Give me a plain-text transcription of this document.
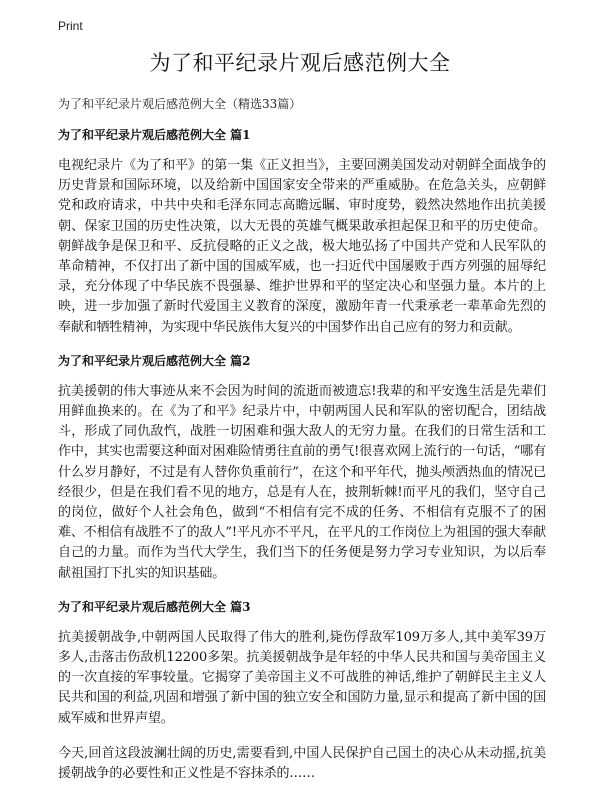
Print
为了和平纪录片观后感范例大全

为了和平纪录片观后感范例大全（精选33篇）

为了和平纪录片观后感范例大全 篇1

电视纪录片《为了和平》的第一集《正义担当》，主要回溯美国发动对朝鲜全面战争的历史背景和国际环境，以及给新中国国家安全带来的严重威胁。在危急关头，应朝鲜党和政府请求，中共中央和毛泽东同志高瞻远瞩、审时度势，毅然决然地作出抗美援朝、保家卫国的历史性决策，以大无畏的英雄气概果敢承担起保卫和平的历史使命。朝鲜战争是保卫和平、反抗侵略的正义之战，极大地弘扬了中国共产党和人民军队的革命精神，不仅打出了新中国的国威军威，也一扫近代中国屡败于西方列强的屈辱纪录，充分体现了中华民族不畏强暴、维护世界和平的坚定决心和坚强力量。本片的上映，进一步加强了新时代爱国主义教育的深度，激励年青一代秉承老一辈革命先烈的奉献和牺牲精神，为实现中华民族伟大复兴的中国梦作出自己应有的努力和贡献。

为了和平纪录片观后感范例大全 篇2

抗美援朝的伟大事迹从来不会因为时间的流逝而被遗忘!我辈的和平安逸生活是先辈们用鲜血换来的。在《为了和平》纪录片中，中朝两国人民和军队的密切配合，团结战斗，形成了同仇敌忾，战胜一切困难和强大敌人的无穷力量。在我们的日常生活和工作中，其实也需要这种面对困难险情勇往直前的勇气!很喜欢网上流行的一句话，“哪有什么岁月静好，不过是有人替你负重前行”，在这个和平年代，抛头颅洒热血的情况已经很少，但是在我们看不见的地方，总是有人在，披荆斩棘!而平凡的我们，坚守自己的岗位，做好个人社会角色，做到“不相信有完不成的任务、不相信有克服不了的困难、不相信有战胜不了的敌人”!平凡亦不平凡，在平凡的工作岗位上为祖国的强大奉献自己的力量。而作为当代大学生，我们当下的任务便是努力学习专业知识，为以后奉献祖国打下扎实的知识基础。

为了和平纪录片观后感范例大全 篇3

抗美援朝战争,中朝两国人民取得了伟大的胜利,毙伤俘敌军109万多人,其中美军39万多人,击落击伤敌机12200多架。抗美援朝战争是年轻的中华人民共和国与美帝国主义的一次直接的军事较量。它揭穿了美帝国主义不可战胜的神话,维护了朝鲜民主主义人民共和国的利益,巩固和增强了新中国的独立安全和国防力量,显示和提高了新中国的国威军威和世界声望。

今天,回首这段波澜壮阔的历史,需要看到,中国人民保护自己国土的决心从未动摇,抗美援朝战争的必要性和正义性是不容抹杀的……
